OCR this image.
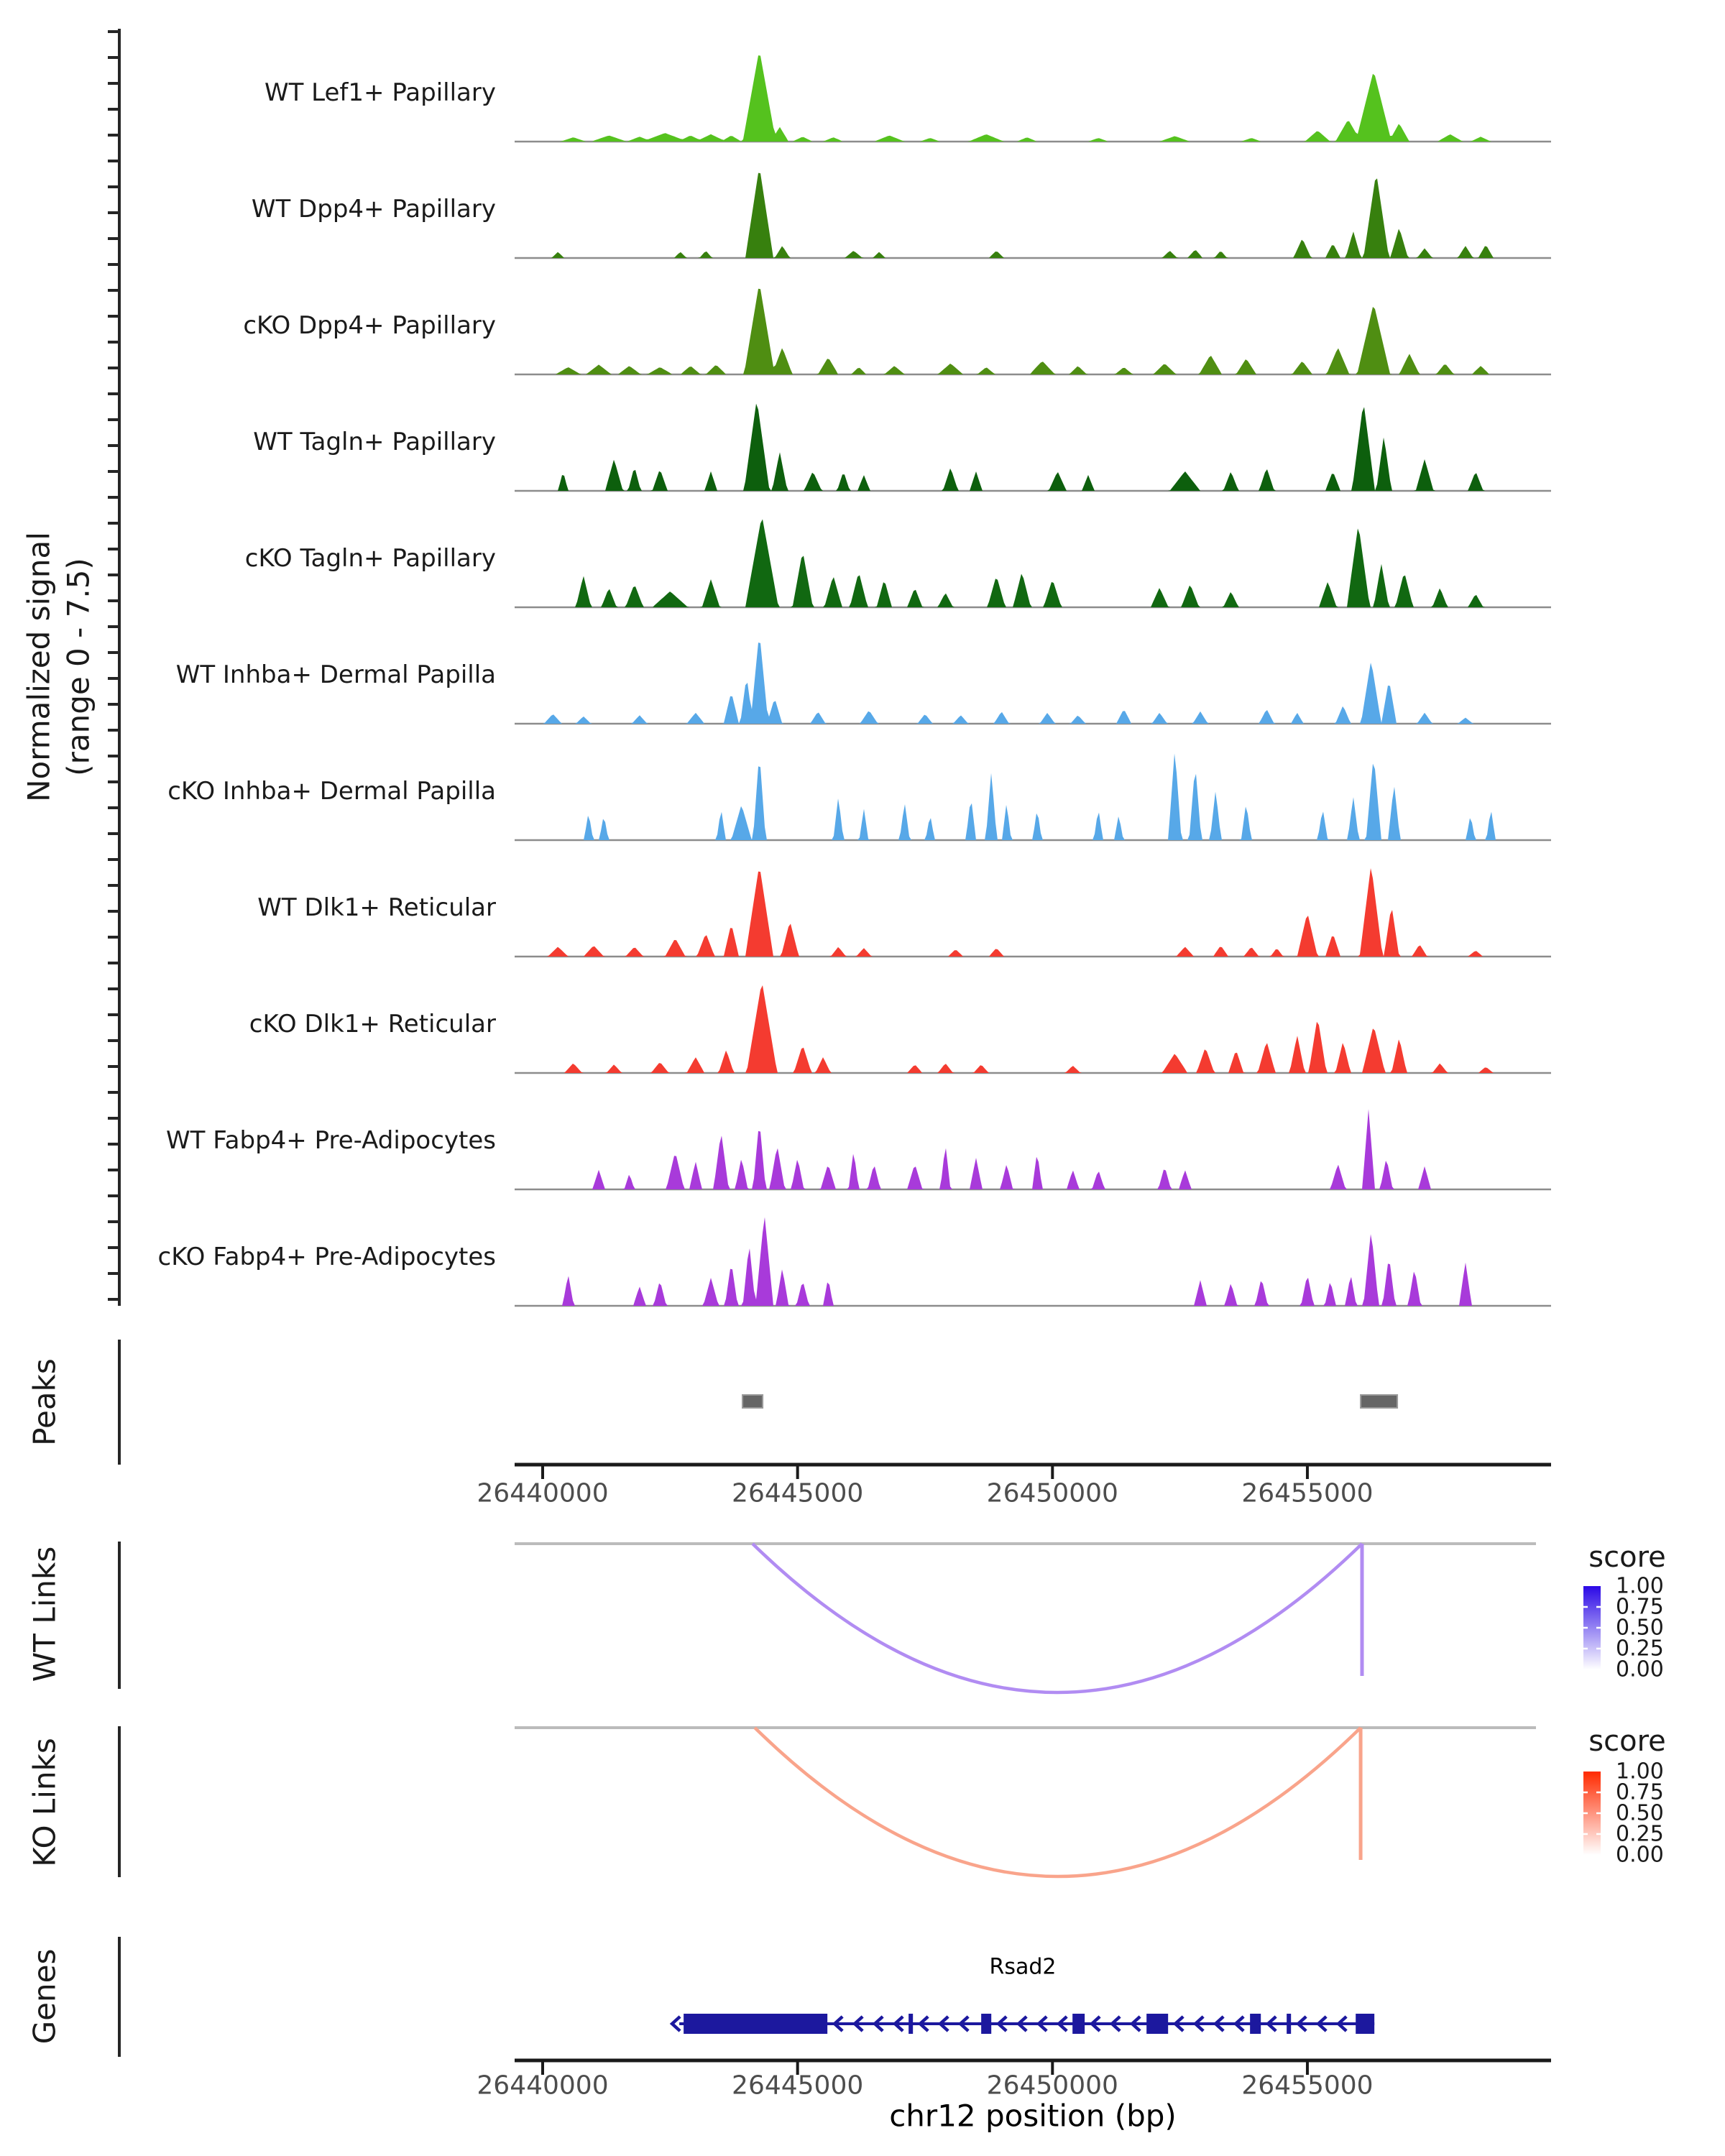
Normalized signal (range 0 - 7.5)
Peaks
WT Links
KO Links
Genes
score
score
Rsad2
chr12 position (bp)
WT Lef1+ Papillary
WT Dpp4+ Papillary
cKO Dpp4+ Papillary
WT Tagln+ Papillary
cKO Tagln+ Papillary
WT Inhba+ Dermal Papilla
cKO Inhba+ Dermal Papilla
WT Dlk1+ Reticular
cKO Dlk1+ Reticular
WT Fabp4+ Pre-Adipocytes
cKO Fabp4+ Pre-Adipocytes
26440000	26445000	26450000	26455000
26440000	26445000	26450000	26455000
1.00
0.75
0.50
0.25
0.00
1.00
0.75
0.50
0.25
0.00
